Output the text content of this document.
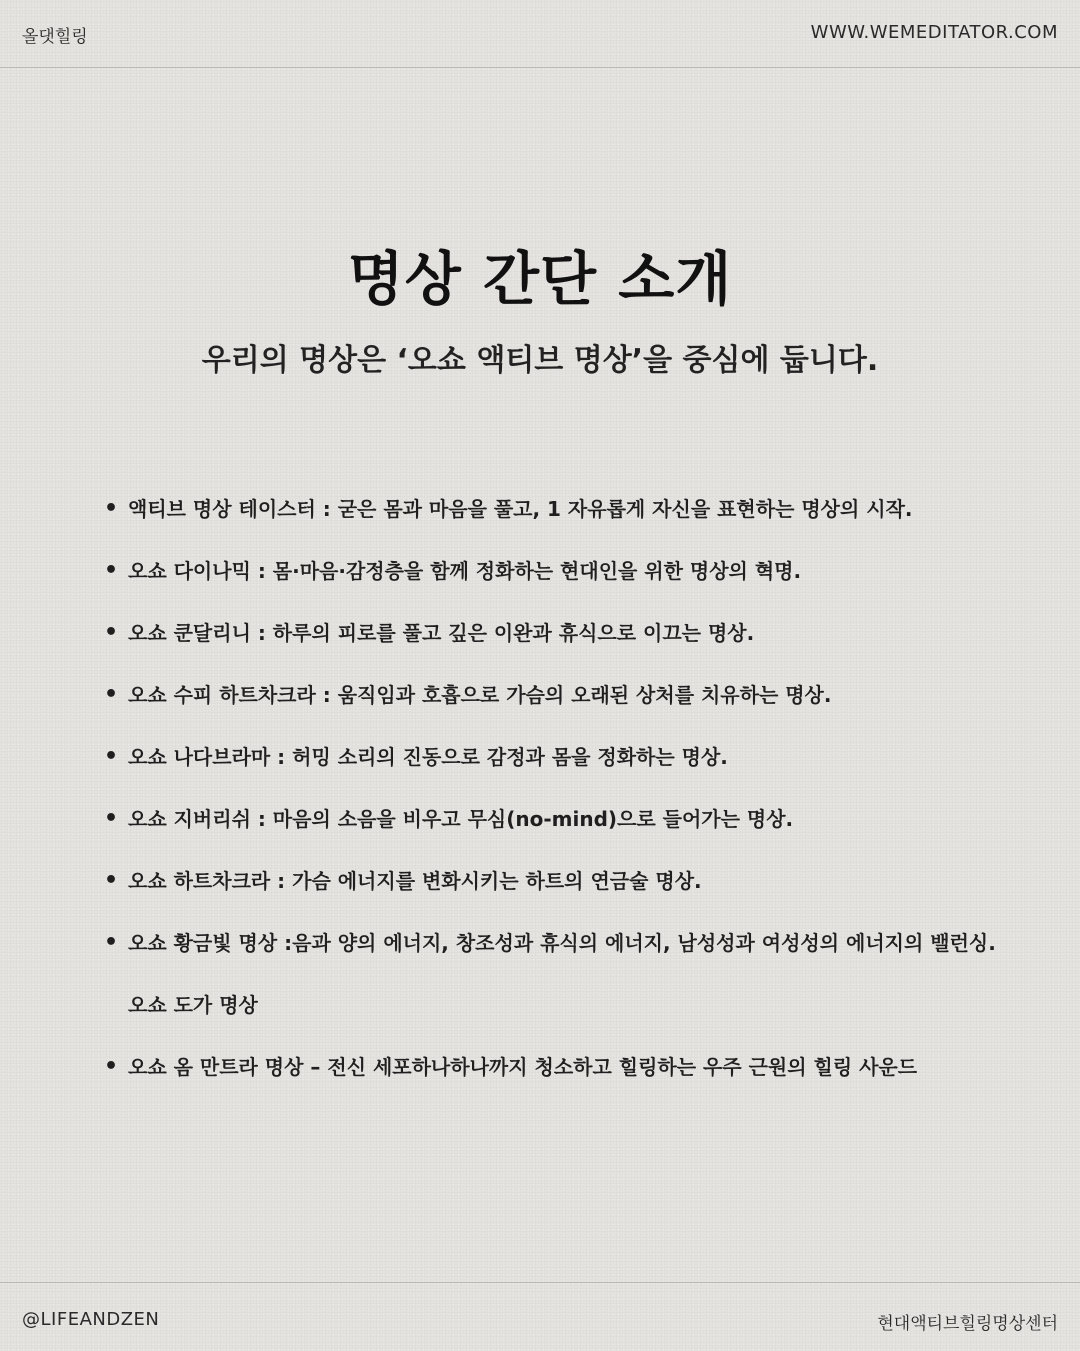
올댓힐링	WWW.WEMEDITATOR.COM
명상 간단 소개
우리의 명상은 ‘오쇼 액티브 명상’을 중심에 둡니다.
• 액티브 명상 테이스터 : 굳은 몸과 마음을 풀고, 1 자유롭게 자신을 표현하는 명상의 시작.
• 오쇼 다이나믹 : 몸·마음·감정층을 함께 정화하는 현대인을 위한 명상의 혁명.
• 오쇼 쿤달리니 : 하루의 피로를 풀고 깊은 이완과 휴식으로 이끄는 명상.
• 오쇼 수피 하트차크라 : 움직임과 호흡으로 가슴의 오래된 상처를 치유하는 명상.
• 오쇼 나다브라마 : 허밍 소리의 진동으로 감정과 몸을 정화하는 명상.
• 오쇼 지버리쉬 : 마음의 소음을 비우고 무심(no-mind)으로 들어가는 명상.
• 오쇼 하트차크라 : 가슴 에너지를 변화시키는 하트의 연금술 명상.
• 오쇼 황금빛 명상 :음과 양의 에너지, 창조성과 휴식의 에너지, 남성성과 여성성의 에너지의 밸런싱. 오쇼 도가 명상
• 오쇼 옴 만트라 명상 – 전신 세포하나하나까지 청소하고 힐링하는 우주 근원의 힐링 사운드
@LIFEANDZEN	현대액티브힐링명상센터
